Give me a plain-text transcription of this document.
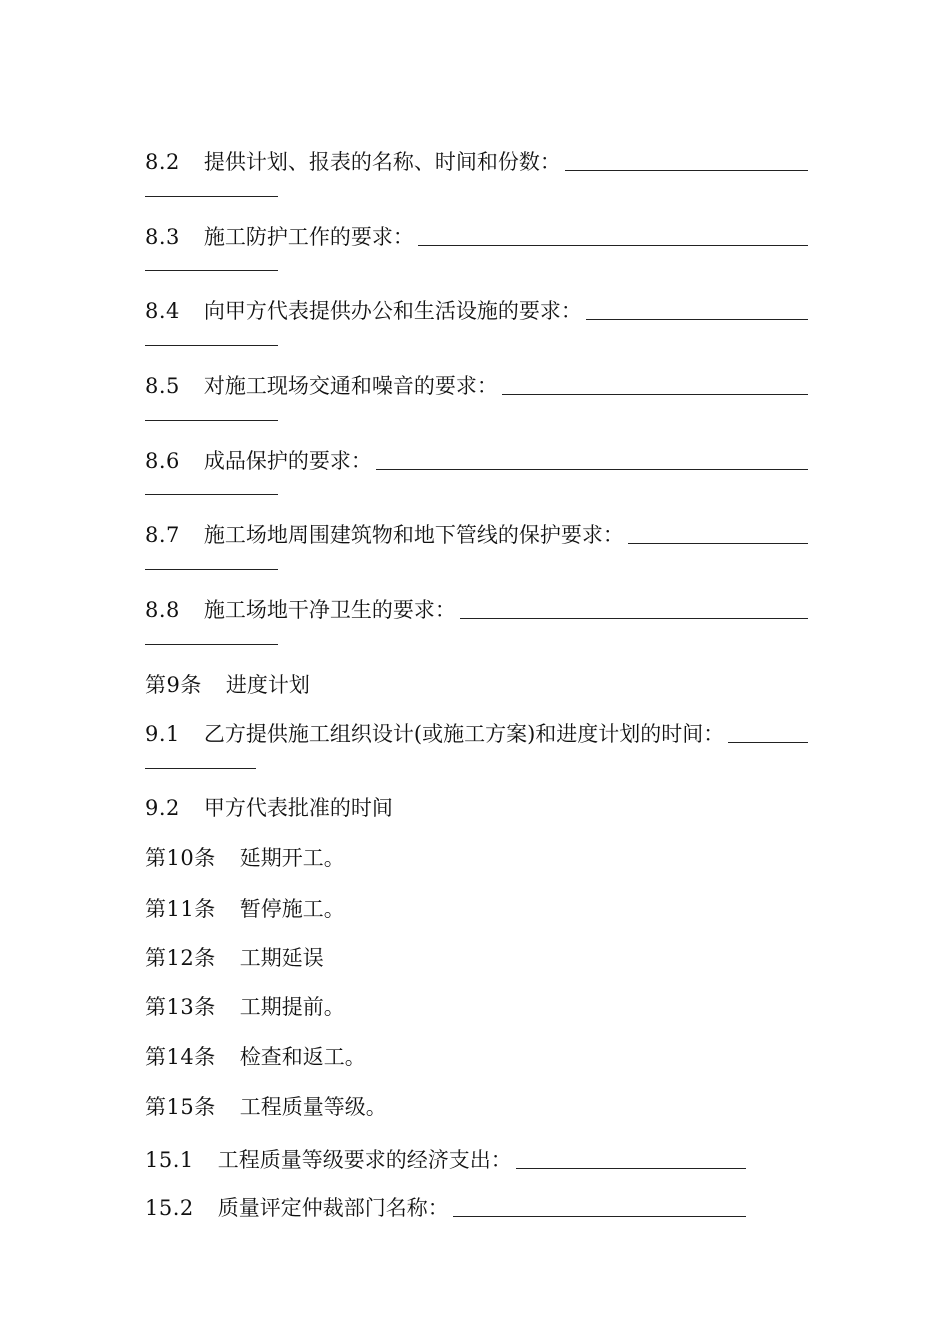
8.2 提供计划、报表的名称、时间和份数：
8.3 施工防护工作的要求：
8.4 向甲方代表提供办公和生活设施的要求：
8.5 对施工现场交通和噪音的要求：
8.6 成品保护的要求：
8.7 施工场地周围建筑物和地下管线的保护要求：
8.8 施工场地干净卫生的要求：
第9条 进度计划
9.1 乙方提供施工组织设计(或施工方案)和进度计划的时间：
9.2 甲方代表批准的时间
第10条 延期开工。
第11条 暂停施工。
第12条 工期延误
第13条 工期提前。
第14条 检查和返工。
第15条 工程质量等级。
15.1 工程质量等级要求的经济支出：
15.2 质量评定仲裁部门名称：
